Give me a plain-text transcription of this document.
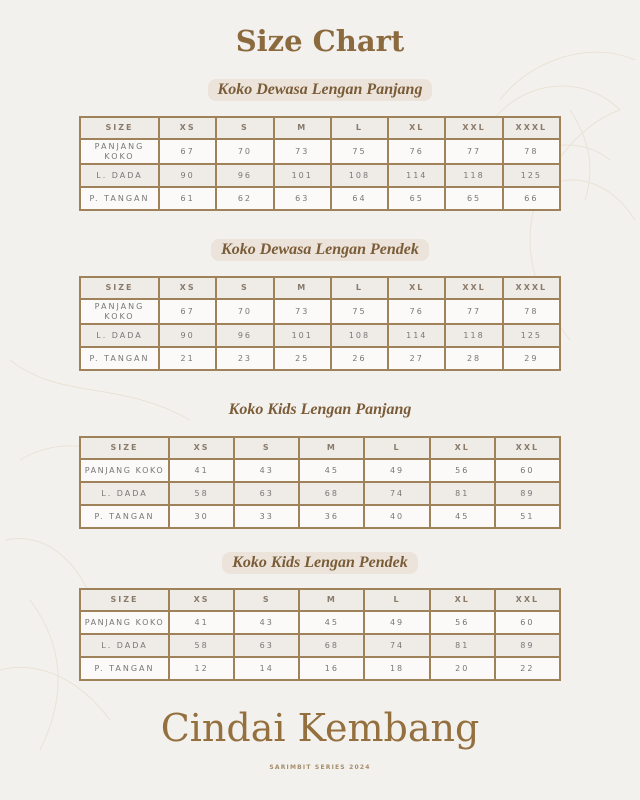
Size Chart
Koko Dewasa Lengan Panjang
SIZE	XS	S	M	L	XL	XXL	XXXL
PANJANG KOKO	67	70	73	75	76	77	78
L. DADA	90	96	101	108	114	118	125
P. TANGAN	61	62	63	64	65	65	66
Koko Dewasa Lengan Pendek
SIZE	XS	S	M	L	XL	XXL	XXXL
PANJANG KOKO	67	70	73	75	76	77	78
L. DADA	90	96	101	108	114	118	125
P. TANGAN	21	23	25	26	27	28	29
Koko Kids Lengan Panjang
SIZE	XS	S	M	L	XL	XXL
PANJANG KOKO	41	43	45	49	56	60
L. DADA	58	63	68	74	81	89
P. TANGAN	30	33	36	40	45	51
Koko Kids Lengan Pendek
SIZE	XS	S	M	L	XL	XXL
PANJANG KOKO	41	43	45	49	56	60
L. DADA	58	63	68	74	81	89
P. TANGAN	12	14	16	18	20	22
Cindai Kembang
SARIMBIT SERIES 2024
